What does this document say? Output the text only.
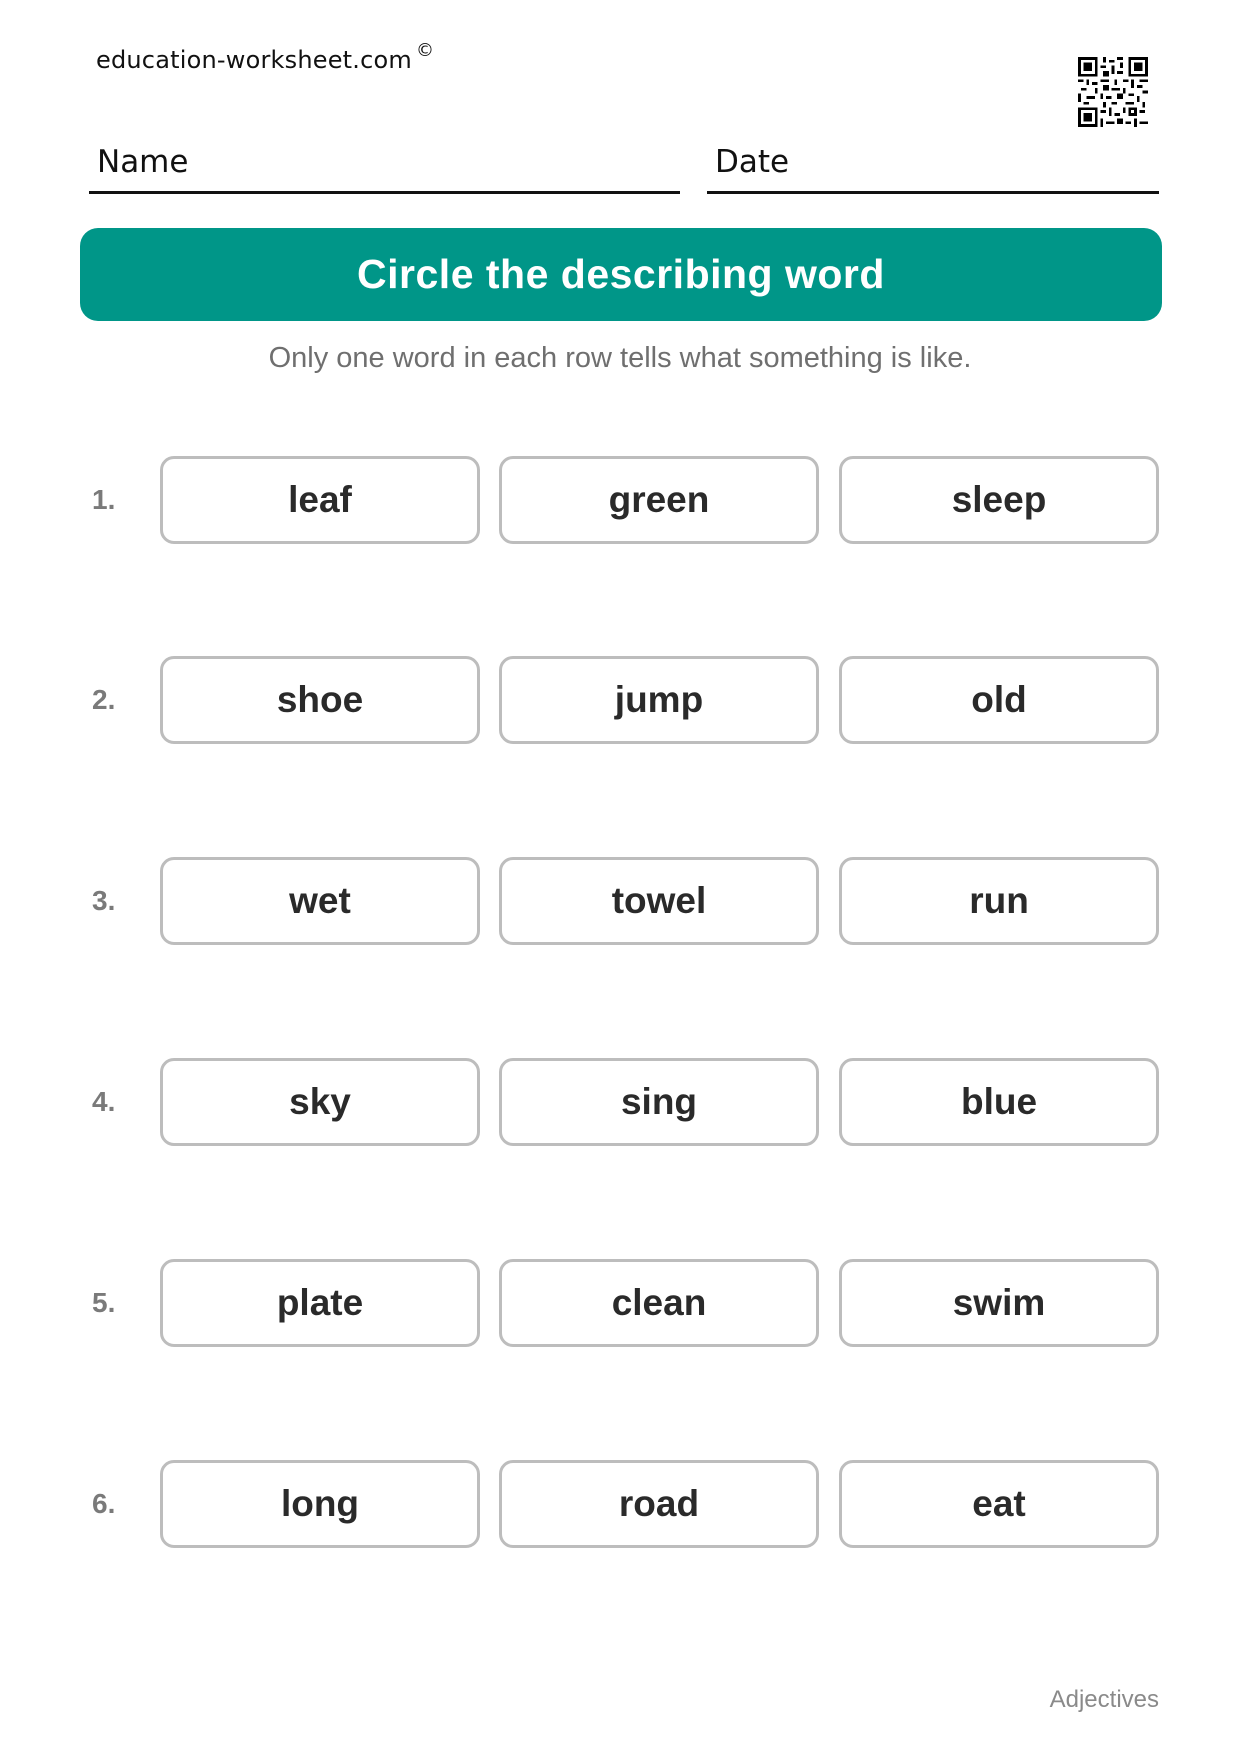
education-worksheet.com ©
Name	Date
Circle the describing word
Only one word in each row tells what something is like.
1.	leaf	green	sleep
2.	shoe	jump	old
3.	wet	towel	run
4.	sky	sing	blue
5.	plate	clean	swim
6.	long	road	eat
Adjectives
